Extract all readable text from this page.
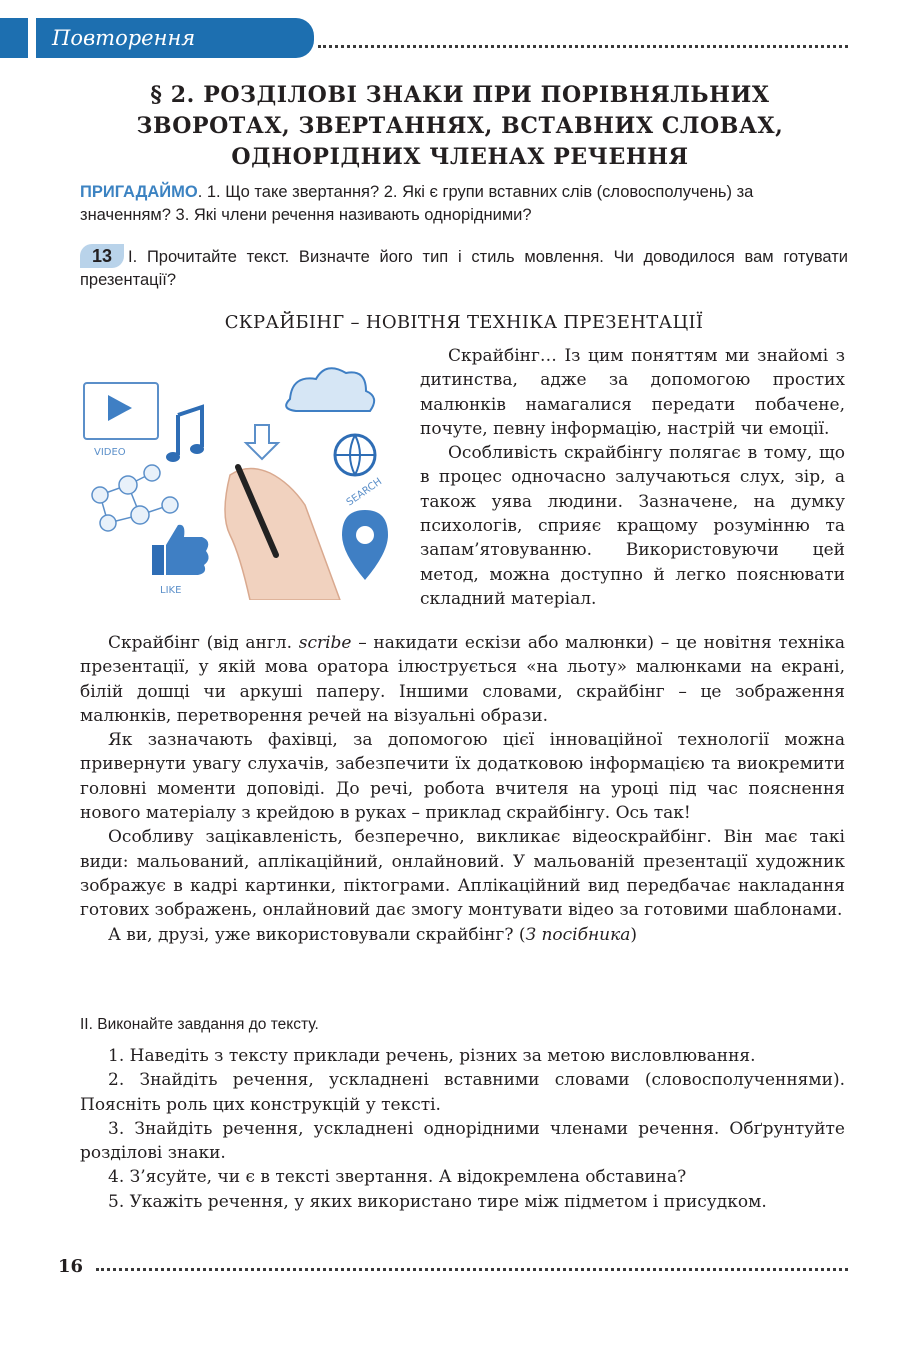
Повторення вивченого
§ 2. РОЗДІЛОВІ ЗНАКИ ПРИ ПОРІВНЯЛЬНИХ
ЗВОРОТАХ, ЗВЕРТАННЯХ, ВСТАВНИХ СЛОВАХ,
ОДНОРІДНИХ ЧЛЕНАХ РЕЧЕННЯ
ПРИГАДАЙМО. 1. Що таке звертання? 2. Які є групи вставних слів (словосполучень) за значенням? 3. Які члени речення називають однорідними?
13 І. Прочитайте текст. Визначте його тип і стиль мовлення. Чи доводилося вам готувати презентації?
СКРАЙБІНГ – НОВІТНЯ ТЕХНІКА ПРЕЗЕНТАЦІЇ
VIDEO
SEARCH
LIKE

Скрайбінг… Із цим поняттям ми знайомі з дитинства, адже за допомогою простих малюнків намагалися передати побачене, почуте, певну інформацію, настрій чи емоції.

Особливість скрайбінгу полягає в тому, що в процес одночасно залучаються слух, зір, а також уява людини. Зазначене, на думку психологів, сприяє кращому розумінню та запам’ятовуванню. Використовуючи цей метод, можна доступно й легко пояснювати складний матеріал.

Скрайбінг (від англ. scribe – накидати ескізи або малюнки) – це новітня техніка презентації, у якій мова оратора ілюструється «на льоту» малюнками на екрані, білій дошці чи аркуші паперу. Іншими словами, скрайбінг – це зображення малюнків, перетворення речей на візуальні образи.

Як зазначають фахівці, за допомогою цієї інноваційної технології можна привернути увагу слухачів, забезпечити їх додатковою інформацією та виокремити головні моменти доповіді. До речі, робота вчителя на уроці під час пояснення нового матеріалу з крейдою в руках – приклад скрайбінгу. Ось так!

Особливу зацікавленість, безперечно, викликає відеоскрайбінг. Він має такі види: мальований, аплікаційний, онлайновий. У мальованій презентації художник зображує в кадрі картинки, піктограми. Аплікаційний вид передбачає накладання готових зображень, онлайновий дає змогу монтувати відео за готовими шаблонами.

А ви, друзі, уже використовували скрайбінг? (З посібника)

ІІ. Виконайте завдання до тексту.

1. Наведіть з тексту приклади речень, різних за метою висловлювання.

2. Знайдіть речення, ускладнені вставними словами (словосполученнями). Поясніть роль цих конструкцій у тексті.

3. Знайдіть речення, ускладнені однорідними членами речення. Обґрунтуйте розділові знаки.

4. З’ясуйте, чи є в тексті звертання. А відокремлена обставина?

5. Укажіть речення, у яких використано тире між підметом і присудком.

16
